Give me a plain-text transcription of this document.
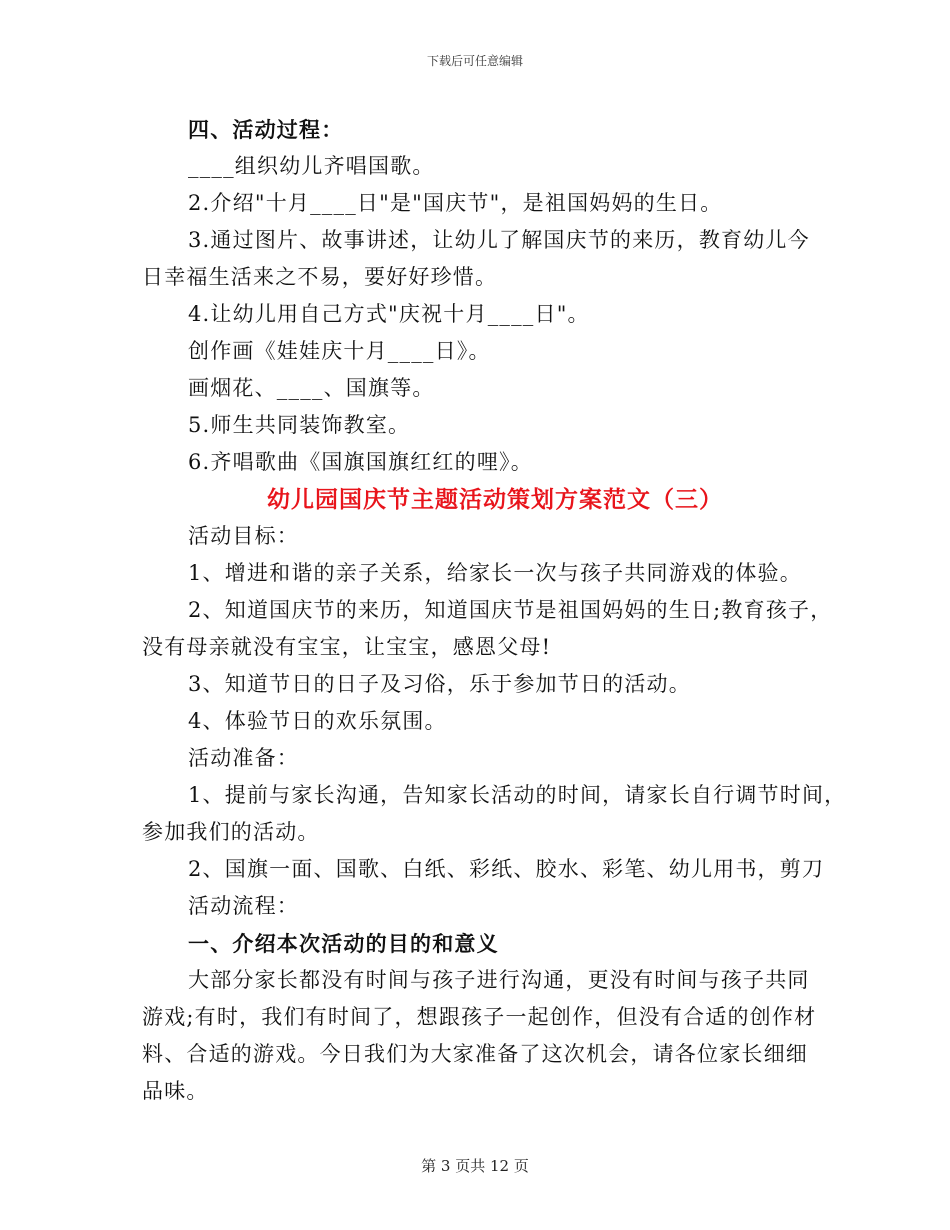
下载后可任意编辑

四、活动过程：

____组织幼儿齐唱国歌。

2.介绍"十月____日"是"国庆节"，是祖国妈妈的生日。

3.通过图片、故事讲述，让幼儿了解国庆节的来历，教育幼儿今

日幸福生活来之不易，要好好珍惜。

4.让幼儿用自己方式"庆祝十月____日"。

创作画《娃娃庆十月____日》。

画烟花、____、国旗等。

5.师生共同装饰教室。

6.齐唱歌曲《国旗国旗红红的哩》。

幼儿园国庆节主题活动策划方案范文（三）

活动目标：

1、增进和谐的亲子关系，给家长一次与孩子共同游戏的体验。

2、知道国庆节的来历，知道国庆节是祖国妈妈的生日;教育孩子，

没有母亲就没有宝宝，让宝宝，感恩父母!

3、知道节日的日子及习俗，乐于参加节日的活动。

4、体验节日的欢乐氛围。

活动准备：

1、提前与家长沟通，告知家长活动的时间，请家长自行调节时间，

参加我们的活动。

2、国旗一面、国歌、白纸、彩纸、胶水、彩笔、幼儿用书，剪刀

活动流程：

一、介绍本次活动的目的和意义

大部分家长都没有时间与孩子进行沟通，更没有时间与孩子共同

游戏;有时，我们有时间了，想跟孩子一起创作，但没有合适的创作材

料、合适的游戏。今日我们为大家准备了这次机会，请各位家长细细

品味。

第 3 页共 12 页
